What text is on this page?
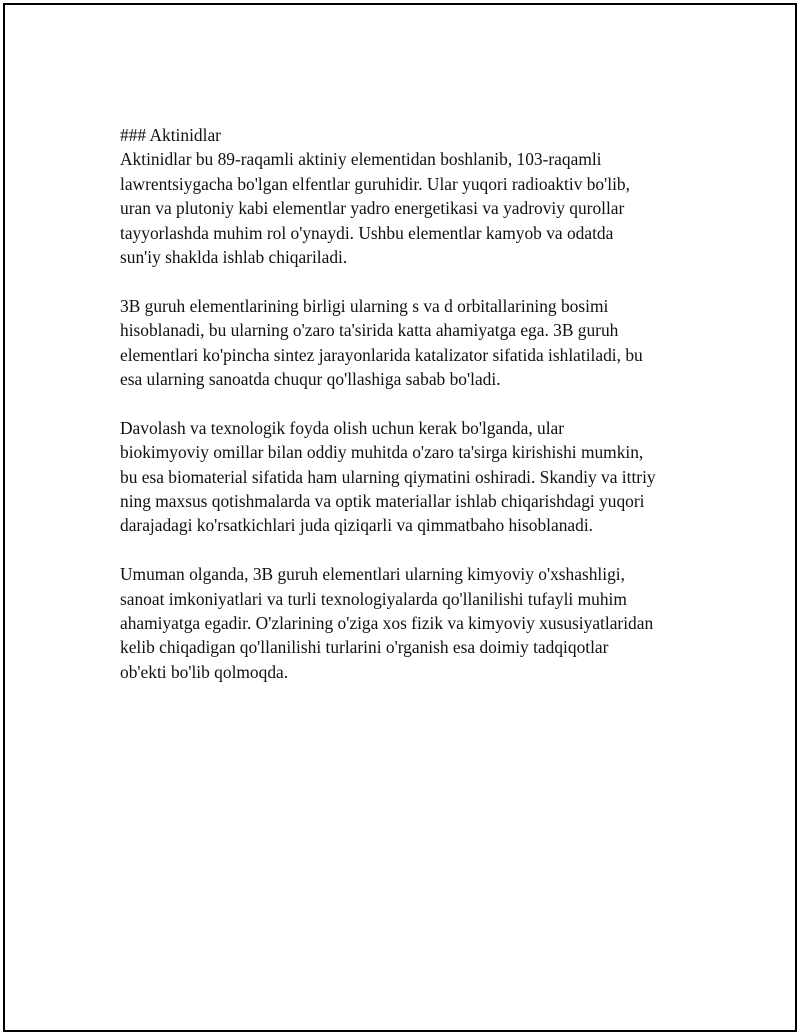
### Aktinidlar
Aktinidlar bu 89-raqamli aktiniy elementidan boshlanib, 103-raqamli
lawrentsiygacha bo'lgan elfentlar guruhidir. Ular yuqori radioaktiv bo'lib,
uran va plutoniy kabi elementlar yadro energetikasi va yadroviy qurollar
tayyorlashda muhim rol o'ynaydi. Ushbu elementlar kamyob va odatda
sun'iy shaklda ishlab chiqariladi.
3B guruh elementlarining birligi ularning s va d orbitallarining bosimi
hisoblanadi, bu ularning o'zaro ta'sirida katta ahamiyatga ega. 3B guruh
elementlari ko'pincha sintez jarayonlarida katalizator sifatida ishlatiladi, bu
esa ularning sanoatda chuqur qo'llashiga sabab bo'ladi.
Davolash va texnologik foyda olish uchun kerak bo'lganda, ular
biokimyoviy omillar bilan oddiy muhitda o'zaro ta'sirga kirishishi mumkin,
bu esa biomaterial sifatida ham ularning qiymatini oshiradi. Skandiy va ittriy
ning maxsus qotishmalarda va optik materiallar ishlab chiqarishdagi yuqori
darajadagi ko'rsatkichlari juda qiziqarli va qimmatbaho hisoblanadi.
Umuman olganda, 3B guruh elementlari ularning kimyoviy o'xshashligi,
sanoat imkoniyatlari va turli texnologiyalarda qo'llanilishi tufayli muhim
ahamiyatga egadir. O'zlarining o'ziga xos fizik va kimyoviy xususiyatlaridan
kelib chiqadigan qo'llanilishi turlarini o'rganish esa doimiy tadqiqotlar
ob'ekti bo'lib qolmoqda.
